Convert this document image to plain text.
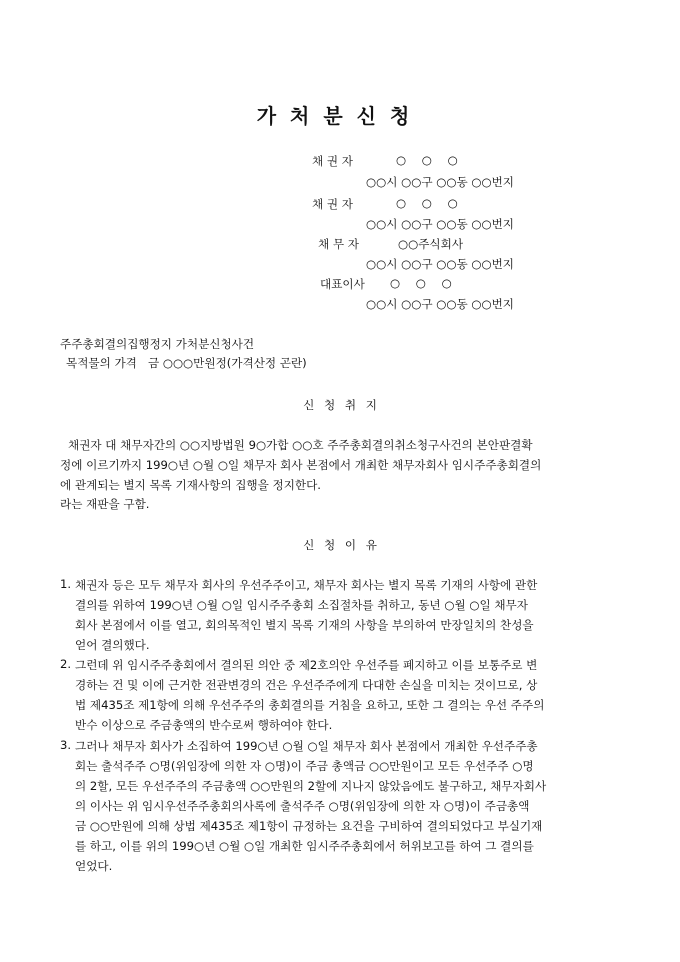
가처분신청
채 권 자	○ ○ ○
○○시 ○○구 ○○동 ○○번지
채 권 자	○ ○ ○
○○시 ○○구 ○○동 ○○번지
채 무 자	○○주식회사
○○시 ○○구 ○○동 ○○번지
대표이사 ○ ○ ○
○○시 ○○구 ○○동 ○○번지
주주총회결의집행정지 가처분신청사건
목적물의 가격   금 ○○○만원정(가격산정 곤란)
신 청 취 지
채권자 대 채무자간의 ○○지방법원 9○가합 ○○호 주주총회결의취소청구사건의 본안판결확
정에 이르기까지 199○년 ○월 ○일 채무자 회사 본점에서 개최한 채무자회사 임시주주총회결의
에 관계되는 별지 목록 기재사항의 집행을 정지한다.
라는 재판을 구함.
신 청 이 유
1. 채권자 등은 모두 채무자 회사의 우선주주이고, 채무자 회사는 별지 목록 기재의 사항에 관한
결의를 위하여 199○년 ○월 ○일 임시주주총회 소집절차를 취하고, 동년 ○월 ○일 채무자
회사 본점에서 이를 열고, 회의목적인 별지 목록 기재의 사항을 부의하여 만장일치의 찬성을
얻어 결의했다.
2. 그런데 위 임시주주총회에서 결의된 의안 중 제2호의안 우선주를 폐지하고 이를 보통주로 변
경하는 건 및 이에 근거한 전관변경의 건은 우선주주에게 다대한 손실을 미치는 것이므로, 상
법 제435조 제1항에 의해 우선주주의 총회결의를 거침을 요하고, 또한 그 결의는 우선 주주의
반수 이상으로 주금총액의 반수로써 행하여야 한다.
3. 그러나 채무자 회사가 소집하여 199○년 ○월 ○일 채무자 회사 본점에서 개최한 우선주주총
회는 출석주주 ○명(위임장에 의한 자 ○명)이 주금 총액금 ○○만원이고 모든 우선주주 ○명
의 2할, 모든 우선주주의 주금총액 ○○만원의 2할에 지나지 않았음에도 불구하고, 채무자회사
의 이사는 위 임시우선주주총회의사록에 출석주주 ○명(위임장에 의한 자 ○명)이 주금총액
금 ○○만원에 의해 상법 제435조 제1항이 규정하는 요건을 구비하여 결의되었다고 부실기재
를 하고, 이를 위의 199○년 ○월 ○일 개최한 임시주주총회에서 허위보고를 하여 그 결의를
얻었다.
